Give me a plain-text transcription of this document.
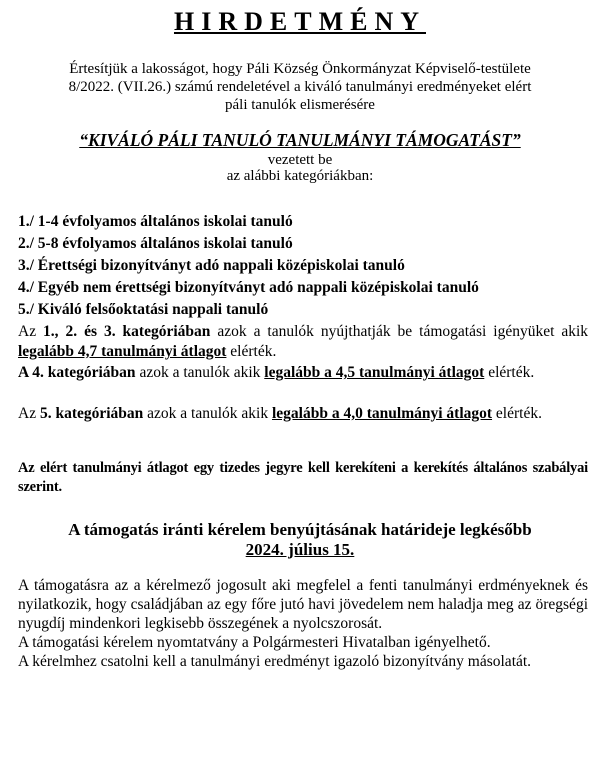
HIRDETMÉNY
Értesítjük a lakosságot, hogy Páli Község Önkormányzat Képviselő-testülete
8/2022. (VII.26.) számú rendeletével a kiváló tanulmányi eredményeket elért
páli tanulók elismerésére
“KIVÁLÓ PÁLI TANULÓ TANULMÁNYI TÁMOGATÁST”
vezetett be
az alábbi kategóriákban:
1./ 1-4 évfolyamos általános iskolai tanuló
2./ 5-8 évfolyamos általános iskolai tanuló
3./ Érettségi bizonyítványt adó nappali középiskolai tanuló
4./ Egyéb nem érettségi bizonyítványt adó nappali középiskolai tanuló
5./ Kiváló felsőoktatási nappali tanuló
Az 1., 2. és 3. kategóriában azok a tanulók nyújthatják be támogatási igényüket akik legalább 4,7 tanulmányi átlagot elérték.
A 4. kategóriában azok a tanulók akik legalább a 4,5 tanulmányi átlagot elérték.
Az 5. kategóriában azok a tanulók akik legalább a 4,0 tanulmányi átlagot elérték.
Az elért tanulmányi átlagot egy tizedes jegyre kell kerekíteni a kerekítés általános szabályai szerint.
A támogatás iránti kérelem benyújtásának határideje legkésőbb
2024. július 15.
A támogatásra az a kérelmező jogosult aki megfelel a fenti tanulmányi erdményeknek és nyilatkozik, hogy családjában az egy főre jutó havi jövedelem nem haladja meg az öregségi nyugdíj mindenkori legkisebb összegének a nyolcszorosát.
A támogatási kérelem nyomtatvány a Polgármesteri Hivatalban igényelhető.
A kérelmhez csatolni kell a tanulmányi eredményt igazoló bizonyítvány másolatát.
